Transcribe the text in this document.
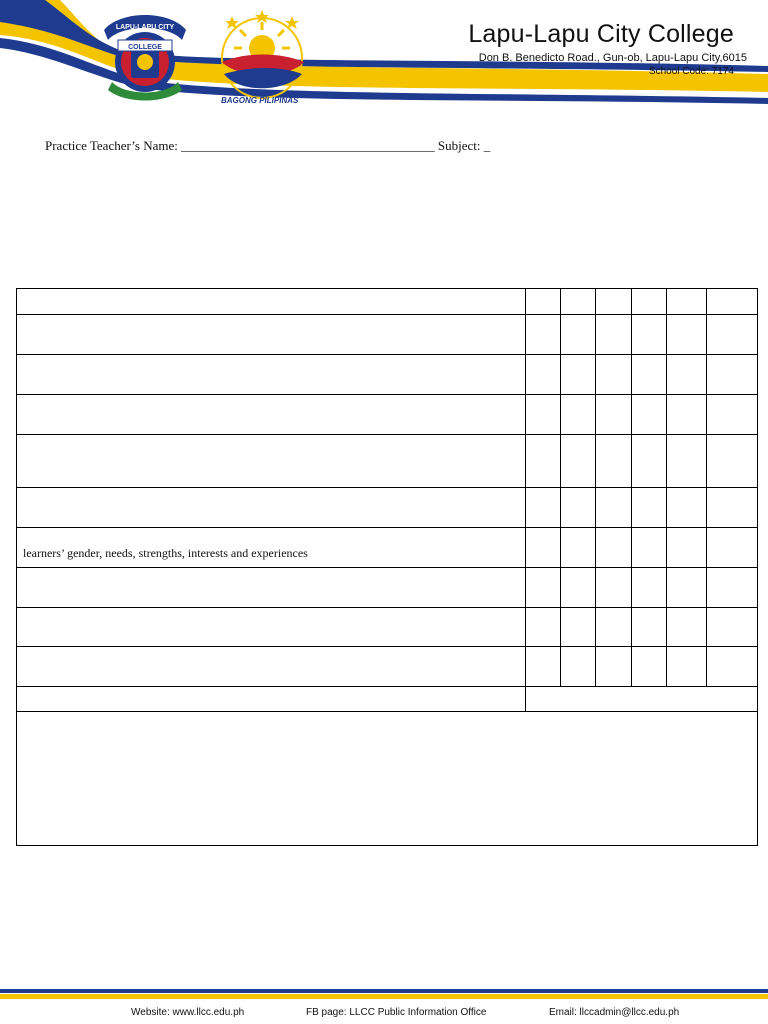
LAPU-LAPU CITY
COLLEGE	Lapu-Lapu City College
Don B. Benedicto Road., Gun-ob, Lapu-Lapu City,6015
School Code: 7174
BAGONG PILIPINAS
Practice Teacher’s Name: _______________________________________ Subject: _
learners’ gender, needs, strengths, interests and experiences
Website: www.llcc.edu.ph	FB page: LLCC Public Information Office	Email: llccadmin@llcc.edu.ph
